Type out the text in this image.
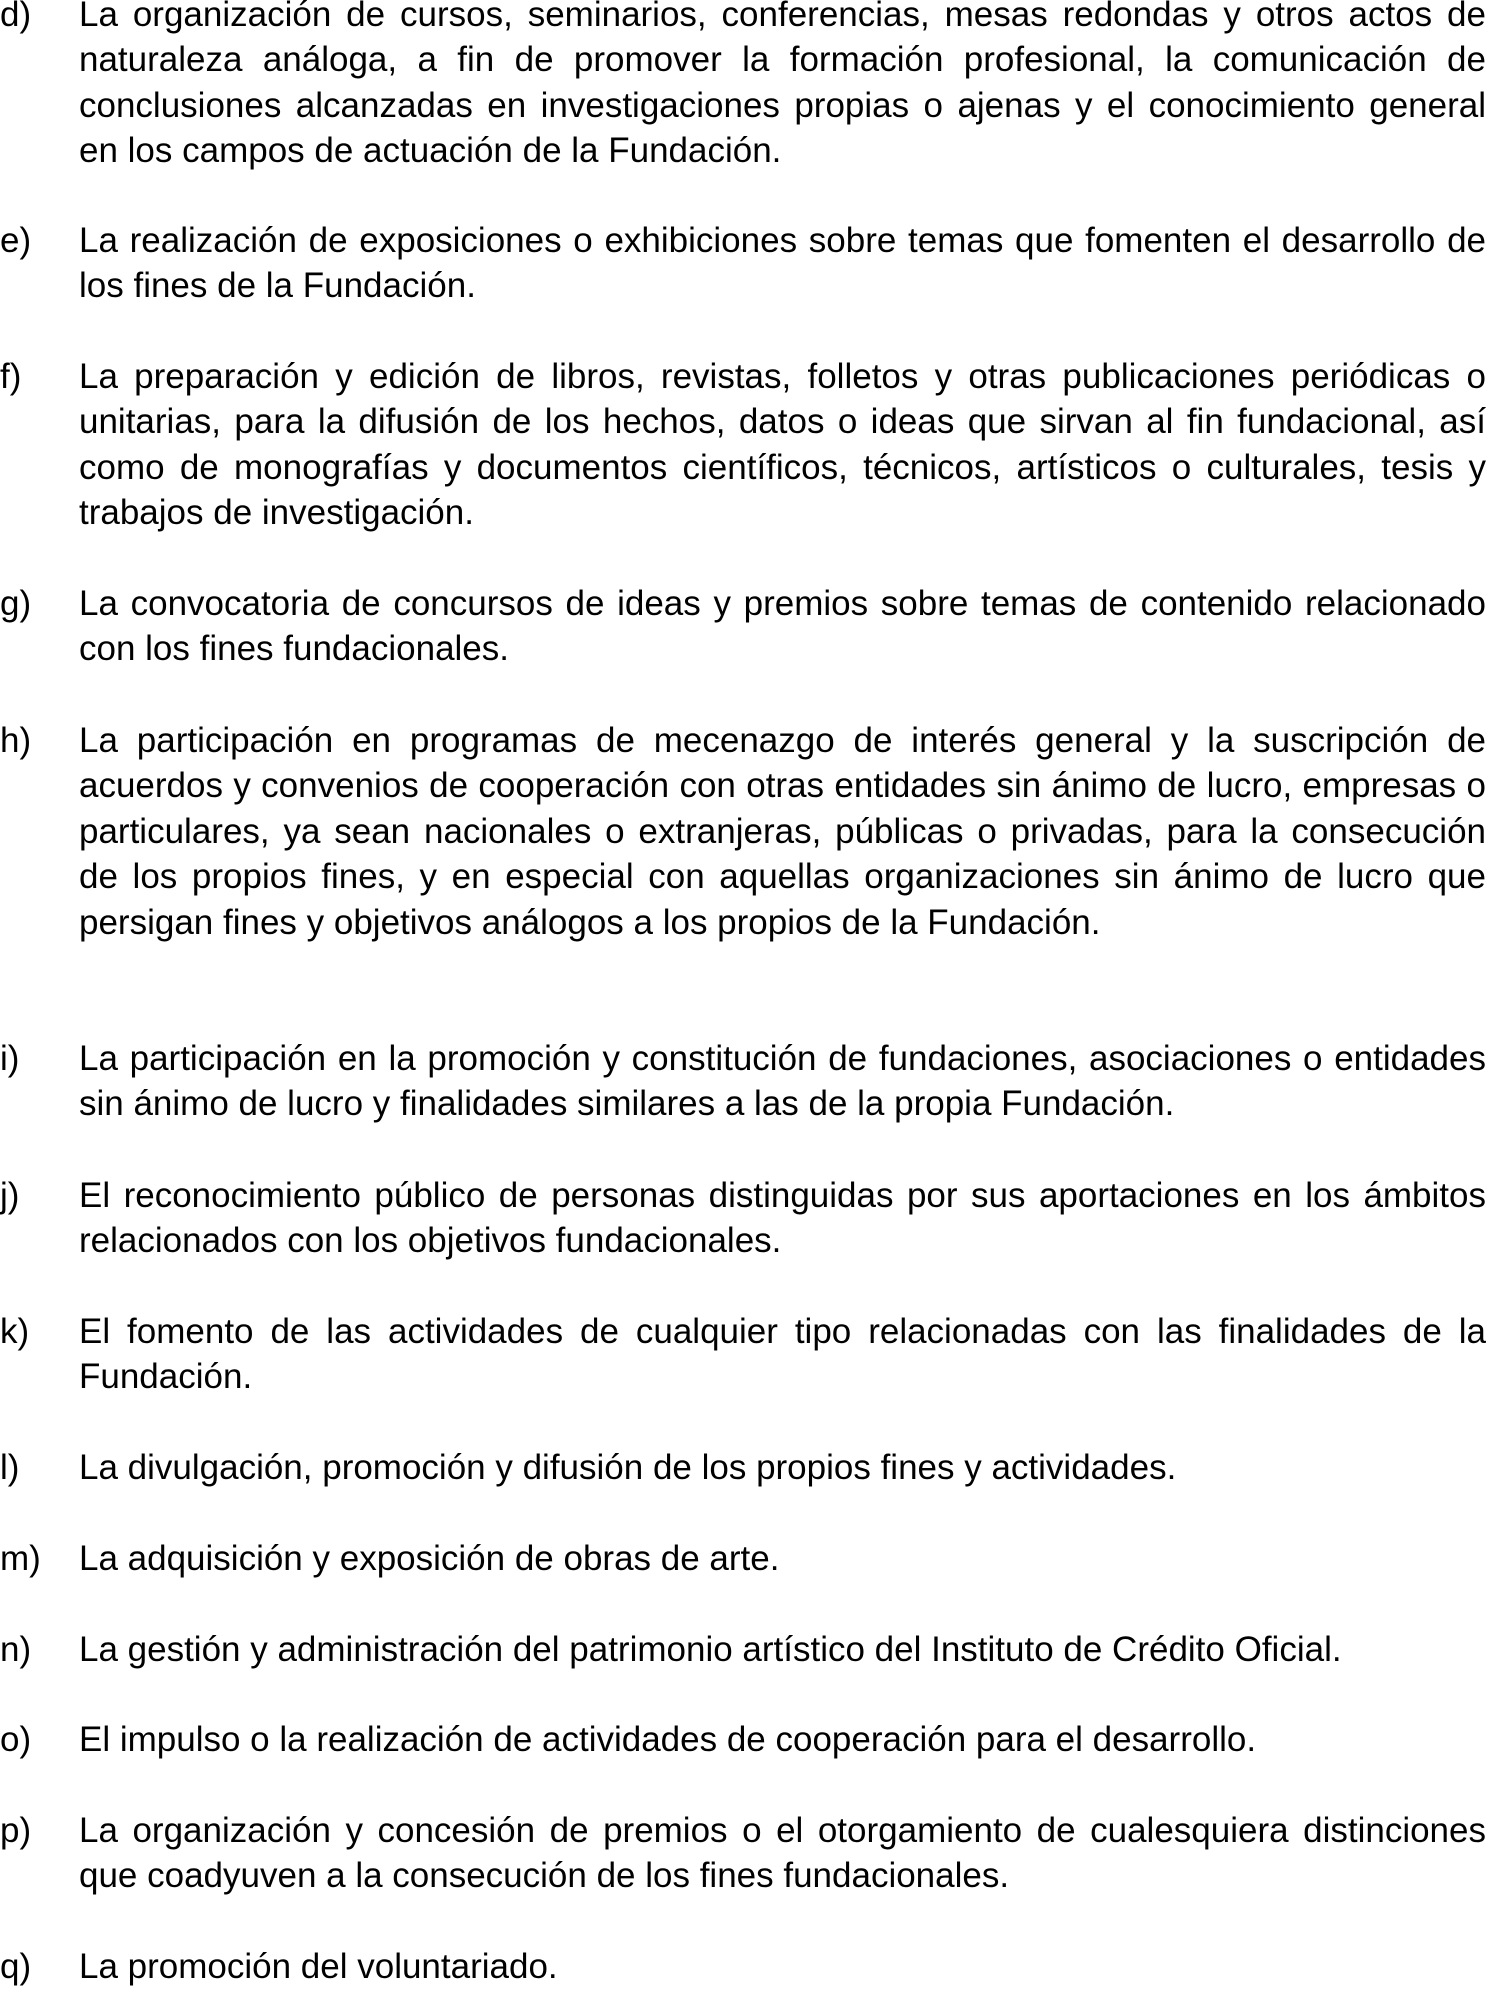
d) La organización de cursos, seminarios, conferencias, mesas redondas y otros actos de naturaleza análoga, a fin de promover la formación profesional, la comunicación de conclusiones alcanzadas en investigaciones propias o ajenas y el conocimiento general en los campos de actuación de la Fundación.

e) La realización de exposiciones o exhibiciones sobre temas que fomenten el desarrollo de los fines de la Fundación.

f) La preparación y edición de libros, revistas, folletos y otras publicaciones periódicas o unitarias, para la difusión de los hechos, datos o ideas que sirvan al fin fundacional, así como de monografías y documentos científicos, técnicos, artísticos o culturales, tesis y trabajos de investigación.

g) La convocatoria de concursos de ideas y premios sobre temas de contenido relacionado con los fines fundacionales.

h) La participación en programas de mecenazgo de interés general y la suscripción de acuerdos y convenios de cooperación con otras entidades sin ánimo de lucro, empresas o particulares, ya sean nacionales o extranjeras, públicas o privadas, para la consecución de los propios fines, y en especial con aquellas organizaciones sin ánimo de lucro que persigan fines y objetivos análogos a los propios de la Fundación.

i) La participación en la promoción y constitución de fundaciones, asociaciones o entidades sin ánimo de lucro y finalidades similares a las de la propia Fundación.

j) El reconocimiento público de personas distinguidas por sus aportaciones en los ámbitos relacionados con los objetivos fundacionales.

k) El fomento de las actividades de cualquier tipo relacionadas con las finalidades de la Fundación.

l) La divulgación, promoción y difusión de los propios fines y actividades.

m) La adquisición y exposición de obras de arte.

n) La gestión y administración del patrimonio artístico del Instituto de Crédito Oficial.

o) El impulso o la realización de actividades de cooperación para el desarrollo.

p) La organización y concesión de premios o el otorgamiento de cualesquiera distinciones que coadyuven a la consecución de los fines fundacionales.

q) La promoción del voluntariado.
